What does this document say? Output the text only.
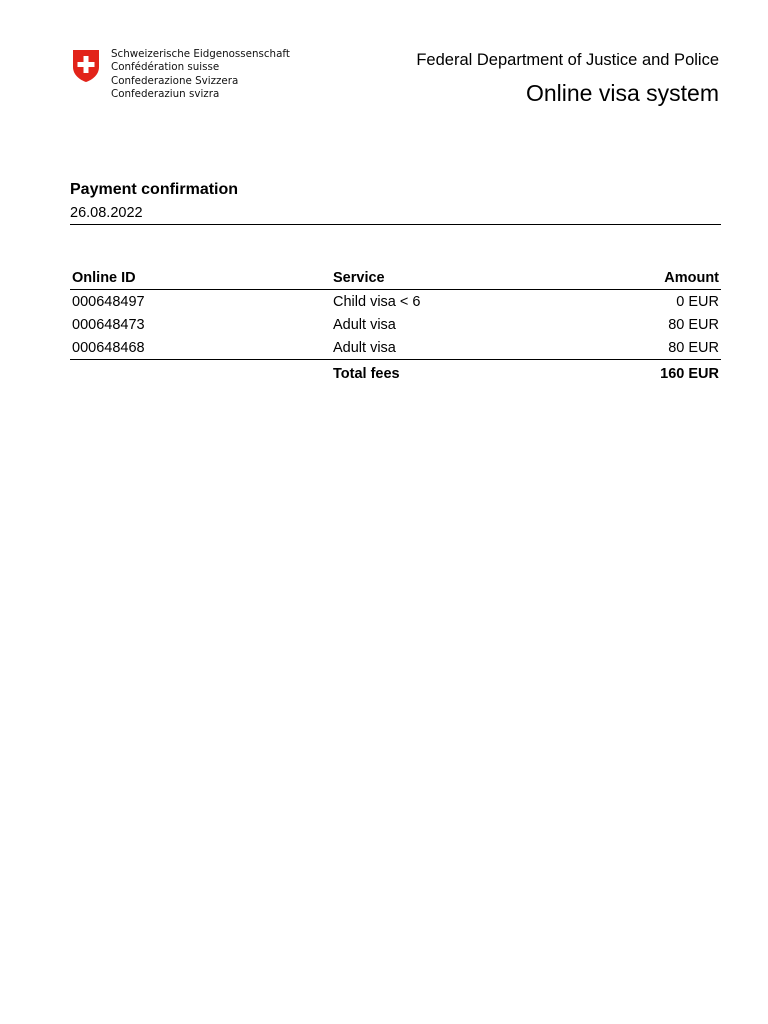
Schweizerische Eidgenossenschaft
Confédération suisse
Confederazione Svizzera
Confederaziun svizra
Federal Department of Justice and Police
Online visa system
Payment confirmation
26.08.2022
Online ID	Service	Amount
000648497	Child visa < 6	0 EUR
000648473	Adult visa	80 EUR
000648468	Adult visa	80 EUR
	Total fees	160 EUR
